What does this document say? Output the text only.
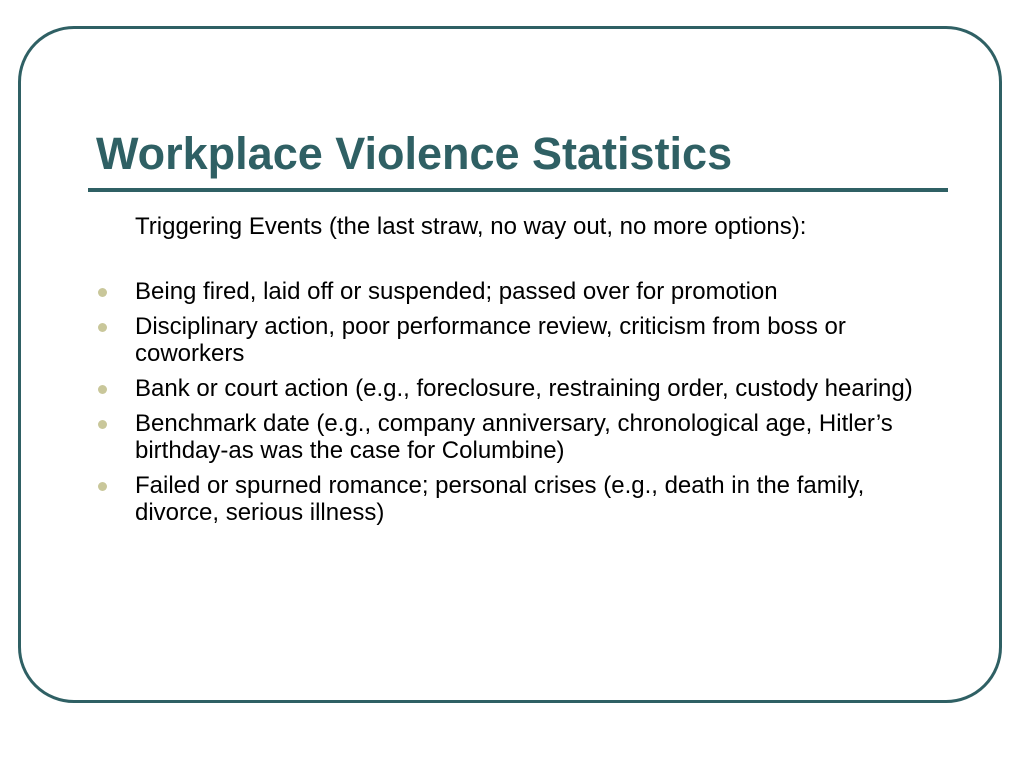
Workplace Violence Statistics

Triggering Events (the last straw, no way out, no more options):

Being fired, laid off or suspended; passed over for promotion
Disciplinary action, poor performance review, criticism from boss or coworkers
Bank or court action (e.g., foreclosure, restraining order, custody hearing)
Benchmark date (e.g., company anniversary, chronological age, Hitler’s birthday-as was the case for Columbine)
Failed or spurned romance; personal crises (e.g., death in the family, divorce, serious illness)
